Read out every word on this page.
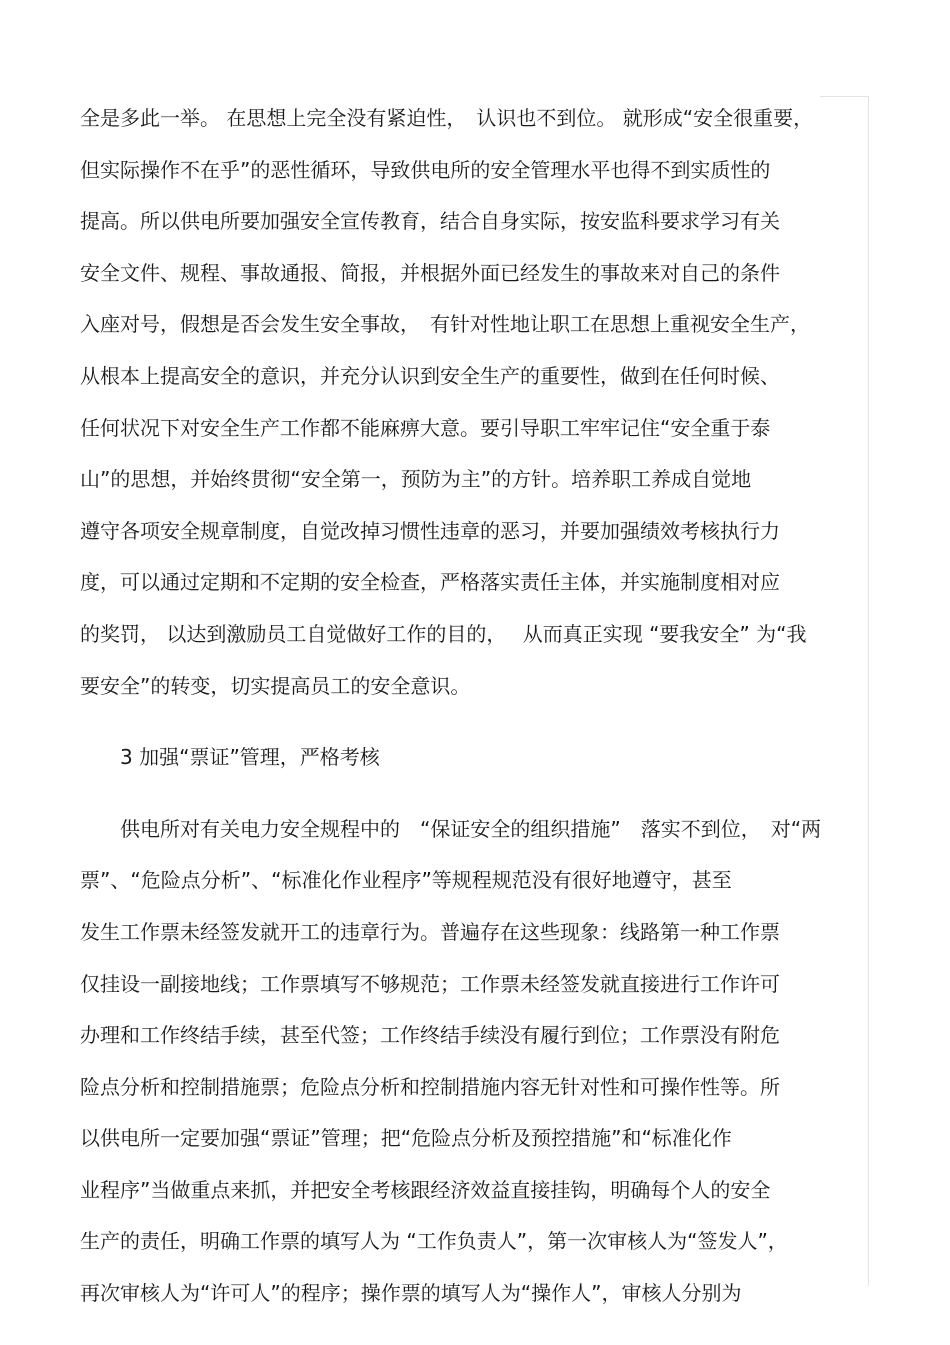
全是多此一举。 在思想上完全没有紧迫性，　认识也不到位。 就形成“安全很重要，
但实际操作不在乎”的恶性循环，导致供电所的安全管理水平也得不到实质性的
提高。所以供电所要加强安全宣传教育，结合自身实际，按安监科要求学习有关
安全文件、规程、事故通报、简报，并根据外面已经发生的事故来对自己的条件
入座对号，假想是否会发生安全事故，　有针对性地让职工在思想上重视安全生产，
从根本上提高安全的意识，并充分认识到安全生产的重要性，做到在任何时候、
任何状况下对安全生产工作都不能麻痹大意。要引导职工牢牢记住“安全重于泰
山”的思想，并始终贯彻“安全第一，预防为主”的方针。培养职工养成自觉地
遵守各项安全规章制度，自觉改掉习惯性违章的恶习，并要加强绩效考核执行力
度，可以通过定期和不定期的安全检查，严格落实责任主体，并实施制度相对应
的奖罚， 以达到激励员工自觉做好工作的目的，　 从而真正实现 “要我安全” 为“我
要安全”的转变，切实提高员工的安全意识。
3 加强“票证”管理，严格考核
供电所对有关电力安全规程中的　“保证安全的组织措施”　落实不到位，　对“两
票”、“危险点分析”、“标准化作业程序”等规程规范没有很好地遵守，甚至
发生工作票未经签发就开工的违章行为。普遍存在这些现象：线路第一种工作票
仅挂设一副接地线；工作票填写不够规范；工作票未经签发就直接进行工作许可
办理和工作终结手续，甚至代签；工作终结手续没有履行到位；工作票没有附危
险点分析和控制措施票；危险点分析和控制措施内容无针对性和可操作性等。所
以供电所一定要加强“票证”管理；把“危险点分析及预控措施”和“标准化作
业程序”当做重点来抓，并把安全考核跟经济效益直接挂钩，明确每个人的安全
生产的责任，明确工作票的填写人为 “工作负责人”，第一次审核人为“签发人”，
再次审核人为“许可人”的程序；操作票的填写人为“操作人”，审核人分别为
